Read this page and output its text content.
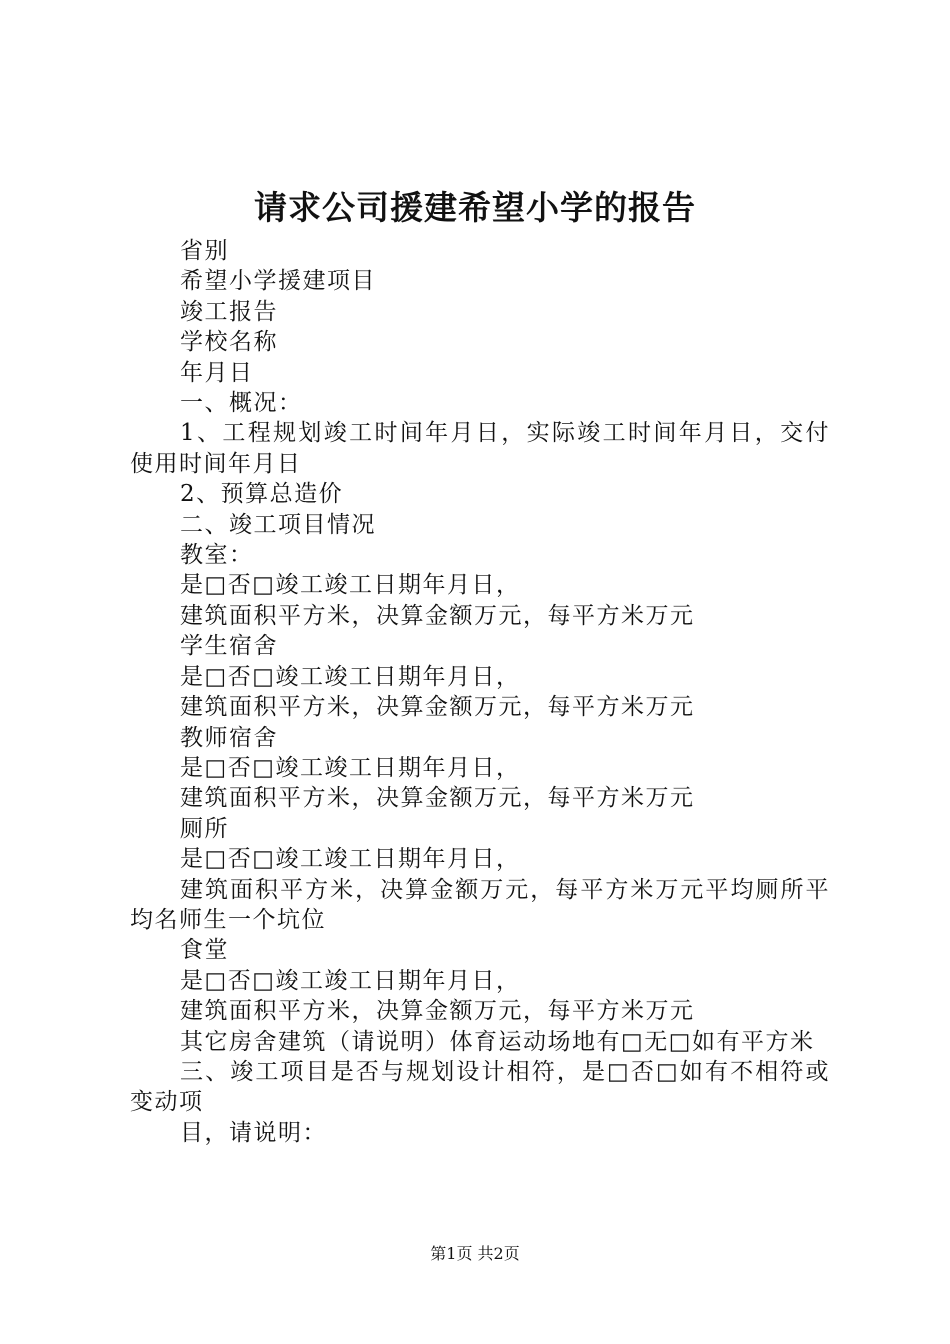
请求公司援建希望小学的报告

省别

希望小学援建项目

竣工报告

学校名称

年月日

一、概况：

1、工程规划竣工时间年月日，实际竣工时间年月日，交付使用时间年月日

2、预算总造价

二、竣工项目情况

教室：

是□否□竣工竣工日期年月日，

建筑面积平方米，决算金额万元，每平方米万元

学生宿舍

是□否□竣工竣工日期年月日，

建筑面积平方米，决算金额万元，每平方米万元

教师宿舍

是□否□竣工竣工日期年月日，

建筑面积平方米，决算金额万元，每平方米万元

厕所

是□否□竣工竣工日期年月日，

建筑面积平方米，决算金额万元，每平方米万元平均厕所平均名师生一个坑位

食堂

是□否□竣工竣工日期年月日，

建筑面积平方米，决算金额万元，每平方米万元

其它房舍建筑（请说明）体育运动场地有□无□如有平方米

三、竣工项目是否与规划设计相符，是□否□如有不相符或变动项

目，请说明：

第1页 共2页
